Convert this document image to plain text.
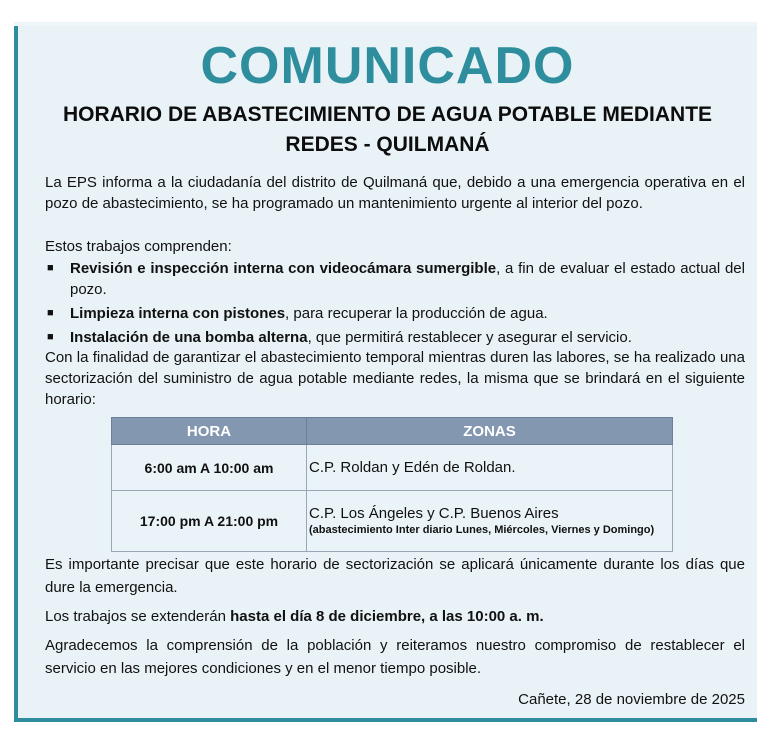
COMUNICADO
HORARIO DE ABASTECIMIENTO DE AGUA POTABLE MEDIANTE
REDES - QUILMANÁ
La EPS informa a la ciudadanía del distrito de Quilmaná que, debido a una emergencia operativa en el pozo de abastecimiento, se ha programado un mantenimiento urgente al interior del pozo.
Estos trabajos comprenden:
■ Revisión e inspección interna con videocámara sumergible, a fin de evaluar el estado actual del pozo.
■ Limpieza interna con pistones, para recuperar la producción de agua.
■ Instalación de una bomba alterna, que permitirá restablecer y asegurar el servicio.
Con la finalidad de garantizar el abastecimiento temporal mientras duren las labores, se ha realizado una sectorización del suministro de agua potable mediante redes, la misma que se brindará en el siguiente horario:
HORA	ZONAS
6:00 am A 10:00 am	C.P. Roldan y Edén de Roldan.

17:00 pm A 21:00 pm	C.P. Los Ángeles y C.P. Buenos Aires
(abastecimiento Inter diario Lunes, Miércoles, Viernes y Domingo)
Es importante precisar que este horario de sectorización se aplicará únicamente durante los días que dure la emergencia.
Los trabajos se extenderán hasta el día 8 de diciembre, a las 10:00 a. m.
Agradecemos la comprensión de la población y reiteramos nuestro compromiso de restablecer el servicio en las mejores condiciones y en el menor tiempo posible.
Cañete, 28 de noviembre de 2025
